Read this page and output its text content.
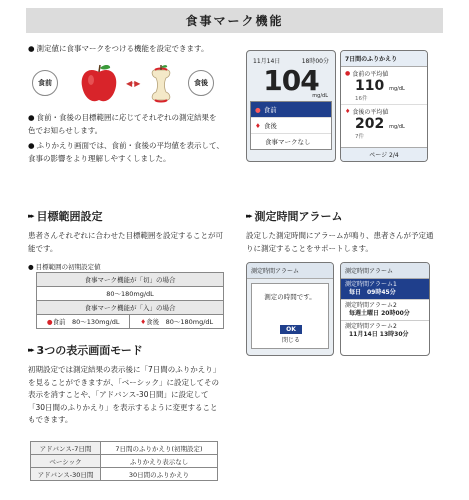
食事マーク機能
● 測定値に食事マークをつける機能を設定できます。
食前	◀··▶	食後
● 食前・食後の目標範囲に応じてそれぞれの測定結果を色でお知らせします。
● ふりかえり画面では、食前・食後の平均値を表示して、食事の影響をより理解しやすくしました。
11月14日	18時00分
104
mg/dL
● 食前
♦ 食後
食事マークなし
7日間のふりかえり
● 食前の平均値
110 mg/dL
16件
♦ 食後の平均値
202 mg/dL
7件
ページ 2/4
▸▸▸ 目標範囲設定
患者さんそれぞれに合わせた目標範囲を設定することが可能です。
● 目標範囲の初期設定値
食事マーク機能が「切」の場合
80〜180mg/dL
食事マーク機能が「入」の場合
●食前　80〜130mg/dL	♦食後　80〜180mg/dL
▸▸▸ 測定時間アラーム
設定した測定時間にアラームが鳴り、患者さんが予定通りに測定することをサポートします。
測定時間アラーム
測定の時間です。
OK
閉じる
測定時間アラーム
測定時間アラーム1
毎日　09時45分
測定時間アラーム2
毎週土曜日 20時00分
測定時間アラーム2
11月14日 13時30分
▸▸▸ 3つの表示画面モード
初期設定では測定結果の表示後に「7日間のふりかえり」を見ることができますが、「ベーシック」に設定してその表示を消すことや、「アドバンス-30日間」に設定して「30日間のふりかえり」を表示するように変更することもできます。
アドバンス-7日間	7日間のふりかえり(初期設定)
ベーシック	ふりかえり表示なし
アドバンス-30日間	30日間のふりかえり
